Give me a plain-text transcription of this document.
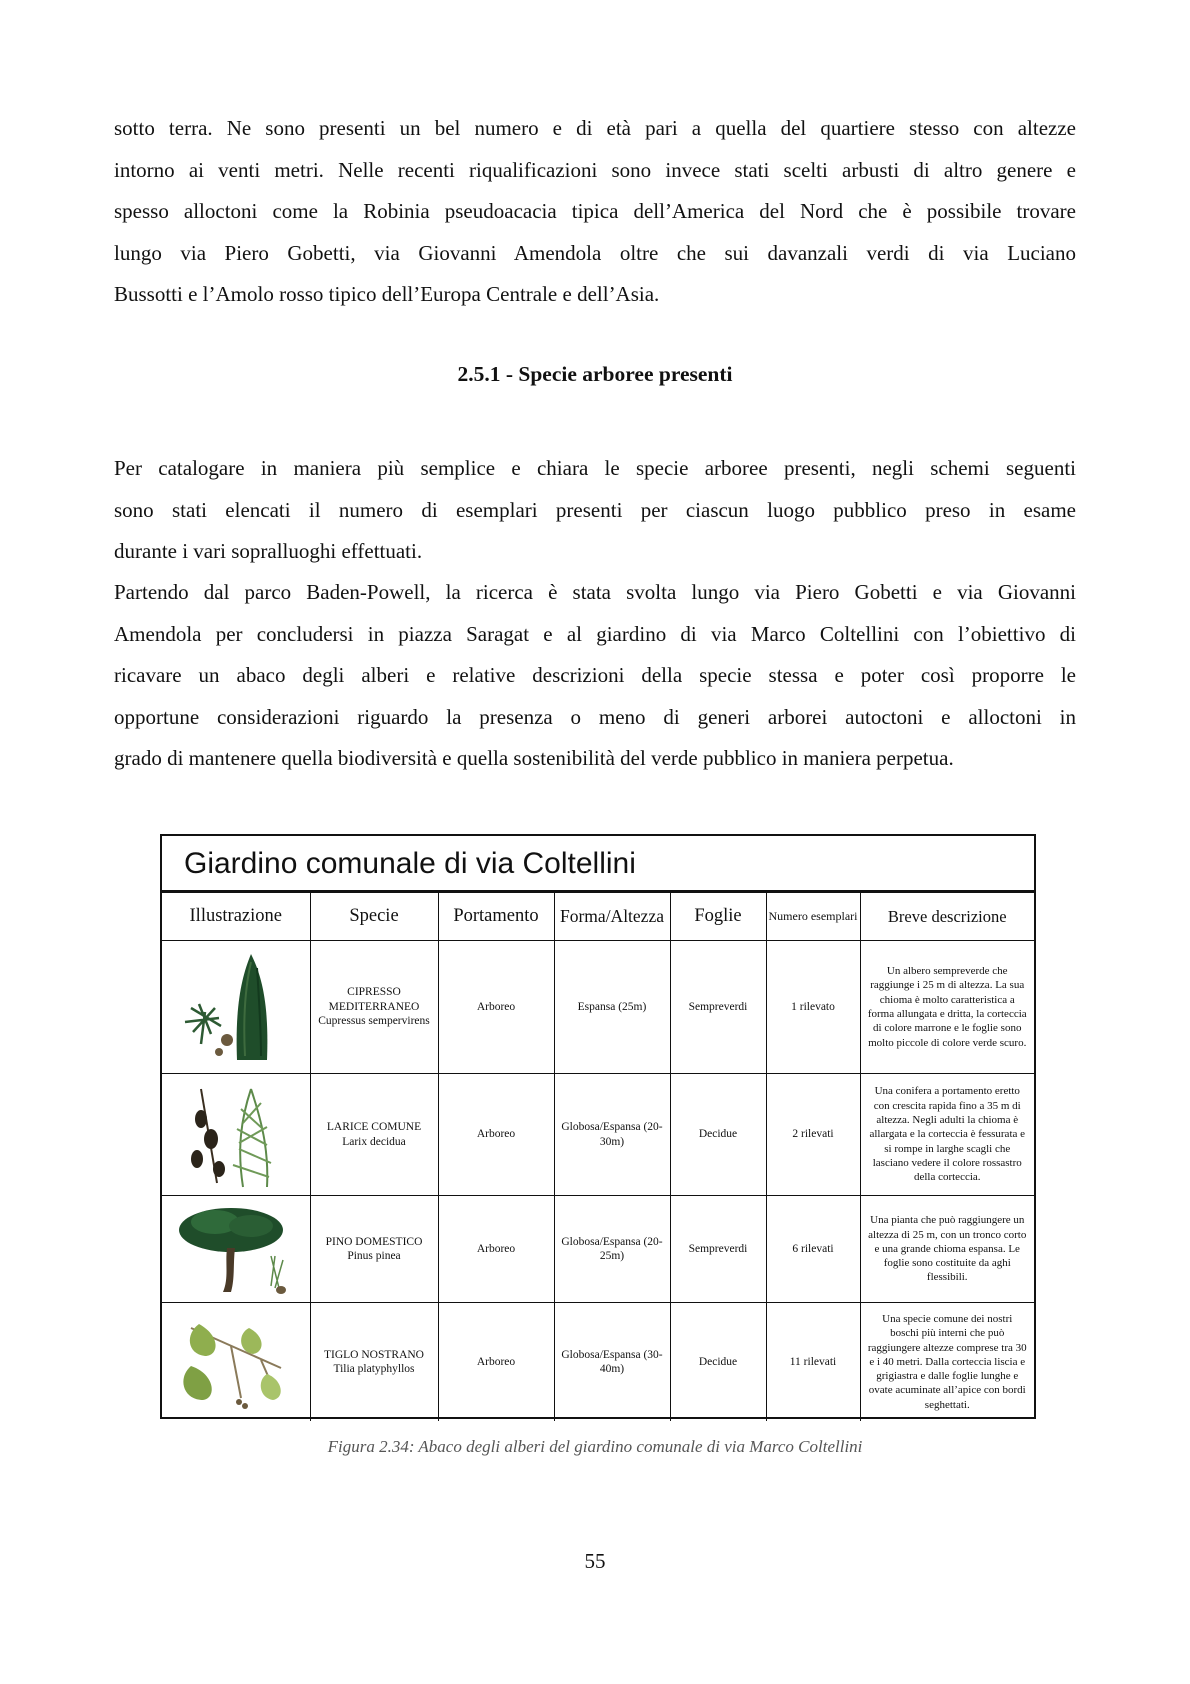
sotto terra. Ne sono presenti un bel numero e di età pari a quella del quartiere stesso con altezze
intorno ai venti metri. Nelle recenti riqualificazioni sono invece stati scelti arbusti di altro genere e
spesso alloctoni come la Robinia pseudoacacia tipica dell’America del Nord che è possibile trovare
lungo via Piero Gobetti, via Giovanni Amendola oltre che sui davanzali verdi di via Luciano
Bussotti e l’Amolo rosso tipico dell’Europa Centrale e dell’Asia.
2.5.1 - Specie arboree presenti
Per catalogare in maniera più semplice e chiara le specie arboree presenti, negli schemi seguenti
sono stati elencati il numero di esemplari presenti per ciascun luogo pubblico preso in esame
durante i vari sopralluoghi effettuati.
Partendo dal parco Baden-Powell, la ricerca è stata svolta lungo via Piero Gobetti e via Giovanni
Amendola per concludersi in piazza Saragat e al giardino di via Marco Coltellini con l’obiettivo di
ricavare un abaco degli alberi e relative descrizioni della specie stessa e poter così proporre le
opportune considerazioni riguardo la presenza o meno di generi arborei autoctoni e alloctoni in
grado di mantenere quella biodiversità e quella sostenibilità del verde pubblico in maniera perpetua.
Giardino comunale di via Coltellini
Illustrazione	Specie	Portamento	Forma/Altezza	Foglie	Numero esemplari	Breve descrizione

CIPRESSO MEDITERRANEO
Cupressus sempervirens	Arboreo	Espansa (25m)	Sempreverdi	1 rilevato	Un albero sempreverde che raggiunge i 25 m di altezza. La sua chioma è molto caratteristica a forma allungata e dritta, la corteccia di colore marrone e le foglie sono molto piccole di colore verde scuro.

LARICE COMUNE
Larix decidua	Arboreo	Globosa/Espansa (20-30m)	Decidue	2 rilevati	Una conifera a portamento eretto con crescita rapida fino a 35 m di altezza. Negli adulti la chioma è allargata e la corteccia è fessurata e si rompe in larghe scagli che lasciano vedere il colore rossastro della corteccia.

PINO DOMESTICO
Pinus pinea	Arboreo	Globosa/Espansa (20-25m)	Sempreverdi	6 rilevati	Una pianta che può raggiungere un altezza di 25 m, con un tronco corto e una grande chioma espansa. Le foglie sono costituite da aghi flessibili.

TIGLO NOSTRANO
Tilia platyphyllos	Arboreo	Globosa/Espansa (30-40m)	Decidue	11 rilevati	Una specie comune dei nostri boschi più interni che può raggiungere altezze comprese tra 30 e i 40 metri. Dalla corteccia liscia e grigiastra e dalle foglie lunghe e ovate acuminate all’apice con bordi seghettati.

Figura 2.34: Abaco degli alberi del giardino comunale di via Marco Coltellini

55
